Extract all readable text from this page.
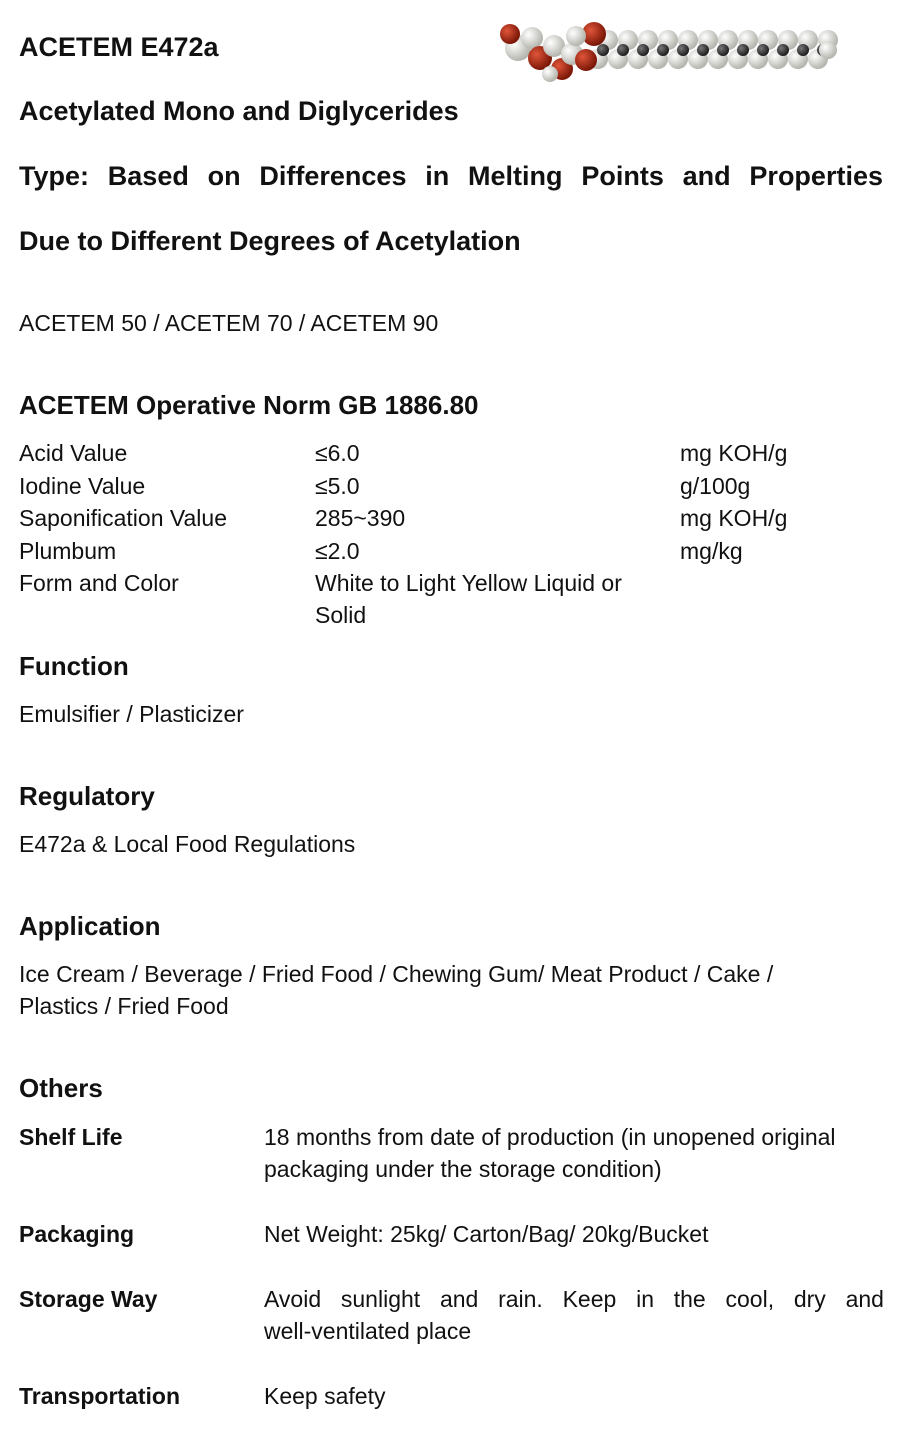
ACETEM E472a
Acetylated Mono and Diglycerides
Type: Based on Differences in Melting Points and Properties
Due to Different Degrees of Acetylation
ACETEM 50 / ACETEM 70 / ACETEM 90
ACETEM Operative Norm GB 1886.80
Acid Value	≤6.0	mg KOH/g
Iodine Value	≤5.0	g/100g
Saponification Value	285~390	mg KOH/g
Plumbum	≤2.0	mg/kg
Form and Color	White to Light Yellow Liquid or
Solid
Function
Emulsifier / Plasticizer
Regulatory
E472a & Local Food Regulations
Application
Ice Cream / Beverage / Fried Food / Chewing Gum/ Meat Product / Cake /
Plastics / Fried Food
Others
Shelf Life	18 months from date of production (in unopened original
packaging under the storage condition)
Packaging	Net Weight: 25kg/ Carton/Bag/ 20kg/Bucket
Storage Way	Avoid sunlight and rain. Keep in the cool, dry and
well-ventilated place
Transportation	Keep safety
